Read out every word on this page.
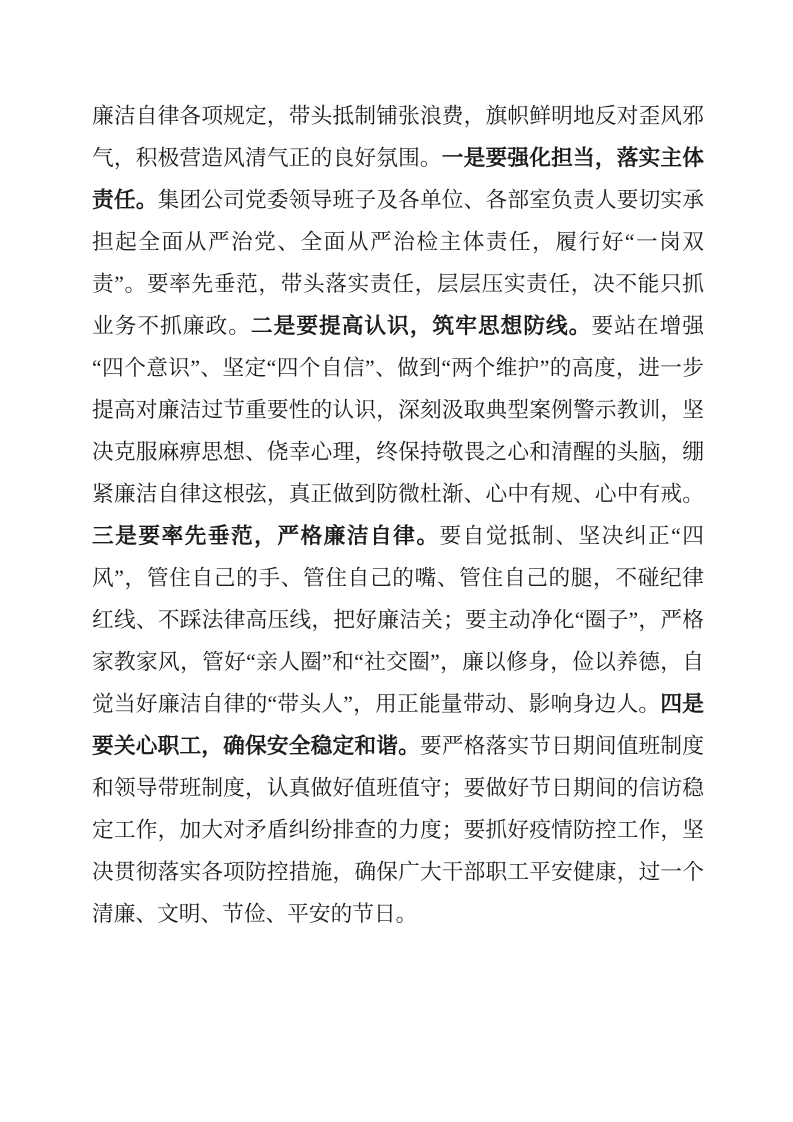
廉洁自律各项规定，带头抵制铺张浪费，旗帜鲜明地反对歪风邪气，积极营造风清气正的良好氛围。一是要强化担当，落实主体责任。集团公司党委领导班子及各单位、各部室负责人要切实承担起全面从严治党、全面从严治检主体责任，履行好“一岗双责”。要率先垂范，带头落实责任，层层压实责任，决不能只抓业务不抓廉政。二是要提高认识，筑牢思想防线。要站在增强“四个意识”、坚定“四个自信”、做到“两个维护”的高度，进一步提高对廉洁过节重要性的认识，深刻汲取典型案例警示教训，坚决克服麻痹思想、侥幸心理，终保持敬畏之心和清醒的头脑，绷紧廉洁自律这根弦，真正做到防微杜渐、心中有规、心中有戒。三是要率先垂范，严格廉洁自律。要自觉抵制、坚决纠正“四风”，管住自己的手、管住自己的嘴、管住自己的腿，不碰纪律红线、不踩法律高压线，把好廉洁关；要主动净化“圈子”，严格家教家风，管好“亲人圈”和“社交圈”，廉以修身，俭以养德，自觉当好廉洁自律的“带头人”，用正能量带动、影响身边人。四是要关心职工，确保安全稳定和谐。要严格落实节日期间值班制度和领导带班制度，认真做好值班值守；要做好节日期间的信访稳定工作，加大对矛盾纠纷排查的力度；要抓好疫情防控工作，坚决贯彻落实各项防控措施，确保广大干部职工平安健康，过一个清廉、文明、节俭、平安的节日。
